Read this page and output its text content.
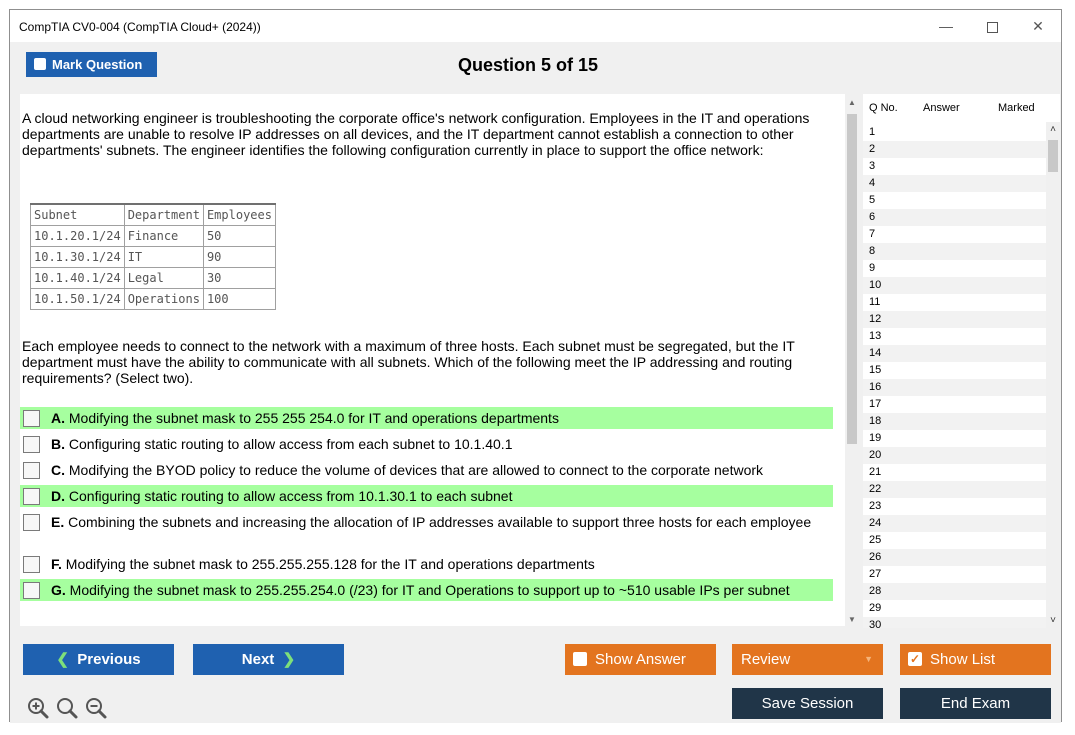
CompTIA CV0-004 (CompTIA Cloud+ (2024))	—	✕
Mark Question	Question 5 of 15
A cloud networking engineer is troubleshooting the corporate office's network configuration. Employees in the IT and operations departments are unable to resolve IP addresses on all devices, and the IT department cannot establish a connection to other departments' subnets. The engineer identifies the following configuration currently in place to support the office network:
Subnet	Department	Employees
10.1.20.1/24	Finance	50
10.1.30.1/24	IT	90
10.1.40.1/24	Legal	30
10.1.50.1/24	Operations	100
Each employee needs to connect to the network with a maximum of three hosts. Each subnet must be segregated, but the IT department must have the ability to communicate with all subnets. Which of the following meet the IP addressing and routing requirements? (Select two).
A. Modifying the subnet mask to 255 255 254.0 for IT and operations departments
B. Configuring static routing to allow access from each subnet to 10.1.40.1
C. Modifying the BYOD policy to reduce the volume of devices that are allowed to connect to the corporate network
D. Configuring static routing to allow access from 10.1.30.1 to each subnet
E. Combining the subnets and increasing the allocation of IP addresses available to support three hosts for each employee
F. Modifying the subnet mask to 255.255.255.128 for the IT and operations departments
G. Modifying the subnet mask to 255.255.254.0 (/23) for IT and Operations to support up to ~510 usable IPs per subnet
▲
▼
Q No. Answer	Marked
1
2
3
4
5
6
7
8
9
10
11
12
13
14
15
16
17
18
19
20
21
22
23
24
25
26
27
28
29
30
˄
˅
❮ Previous	Next ❯	Show Answer	Review	▼	✓ Show List
Save Session	End Exam
